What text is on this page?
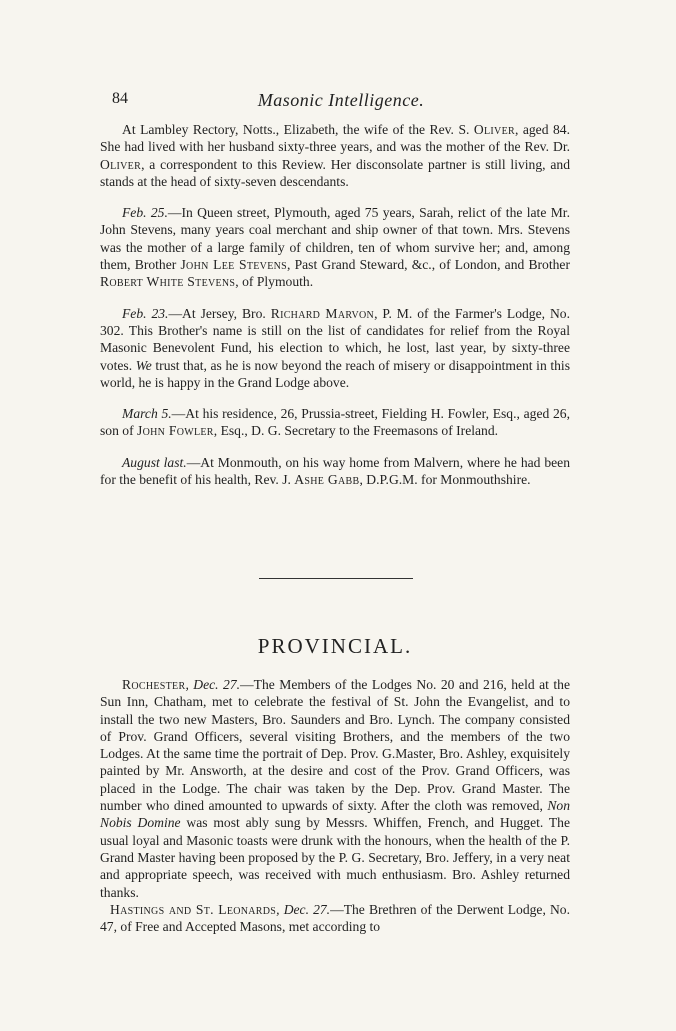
84	Masonic Intelligence.

At Lambley Rectory, Notts., Elizabeth, the wife of the Rev. S. Oliver, aged 84. She had lived with her husband sixty-three years, and was the mother of the Rev. Dr. Oliver, a correspondent to this Review. Her disconsolate partner is still living, and stands at the head of sixty-seven descendants.

Feb. 25.—In Queen street, Plymouth, aged 75 years, Sarah, relict of the late Mr. John Stevens, many years coal merchant and ship owner of that town. Mrs. Stevens was the mother of a large family of children, ten of whom survive her; and, among them, Brother John Lee Stevens, Past Grand Steward, &c., of London, and Brother Robert White Stevens, of Plymouth.

Feb. 23.—At Jersey, Bro. Richard Marvon, P. M. of the Farmer's Lodge, No. 302. This Brother's name is still on the list of candidates for relief from the Royal Masonic Benevolent Fund, his election to which, he lost, last year, by sixty-three votes. We trust that, as he is now beyond the reach of misery or disappointment in this world, he is happy in the Grand Lodge above.

March 5.—At his residence, 26, Prussia-street, Fielding H. Fowler, Esq., aged 26, son of John Fowler, Esq., D. G. Secretary to the Freemasons of Ireland.

August last.—At Monmouth, on his way home from Malvern, where he had been for the benefit of his health, Rev. J. Ashe Gabb, D.P.G.M. for Monmouthshire.

PROVINCIAL.

Rochester, Dec. 27.—The Members of the Lodges No. 20 and 216, held at the Sun Inn, Chatham, met to celebrate the festival of St. John the Evangelist, and to install the two new Masters, Bro. Saunders and Bro. Lynch. The company consisted of Prov. Grand Officers, several visiting Brothers, and the members of the two Lodges. At the same time the portrait of Dep. Prov. G.Master, Bro. Ashley, exquisitely painted by Mr. Answorth, at the desire and cost of the Prov. Grand Officers, was placed in the Lodge. The chair was taken by the Dep. Prov. Grand Master. The number who dined amounted to upwards of sixty. After the cloth was removed, Non Nobis Domine was most ably sung by Messrs. Whiffen, French, and Hugget. The usual loyal and Masonic toasts were drunk with the honours, when the health of the P. Grand Master having been proposed by the P. G. Secretary, Bro. Jeffery, in a very neat and appropriate speech, was received with much enthusiasm. Bro. Ashley returned thanks.

Hastings and St. Leonards, Dec. 27.—The Brethren of the Derwent Lodge, No. 47, of Free and Accepted Masons, met according to
